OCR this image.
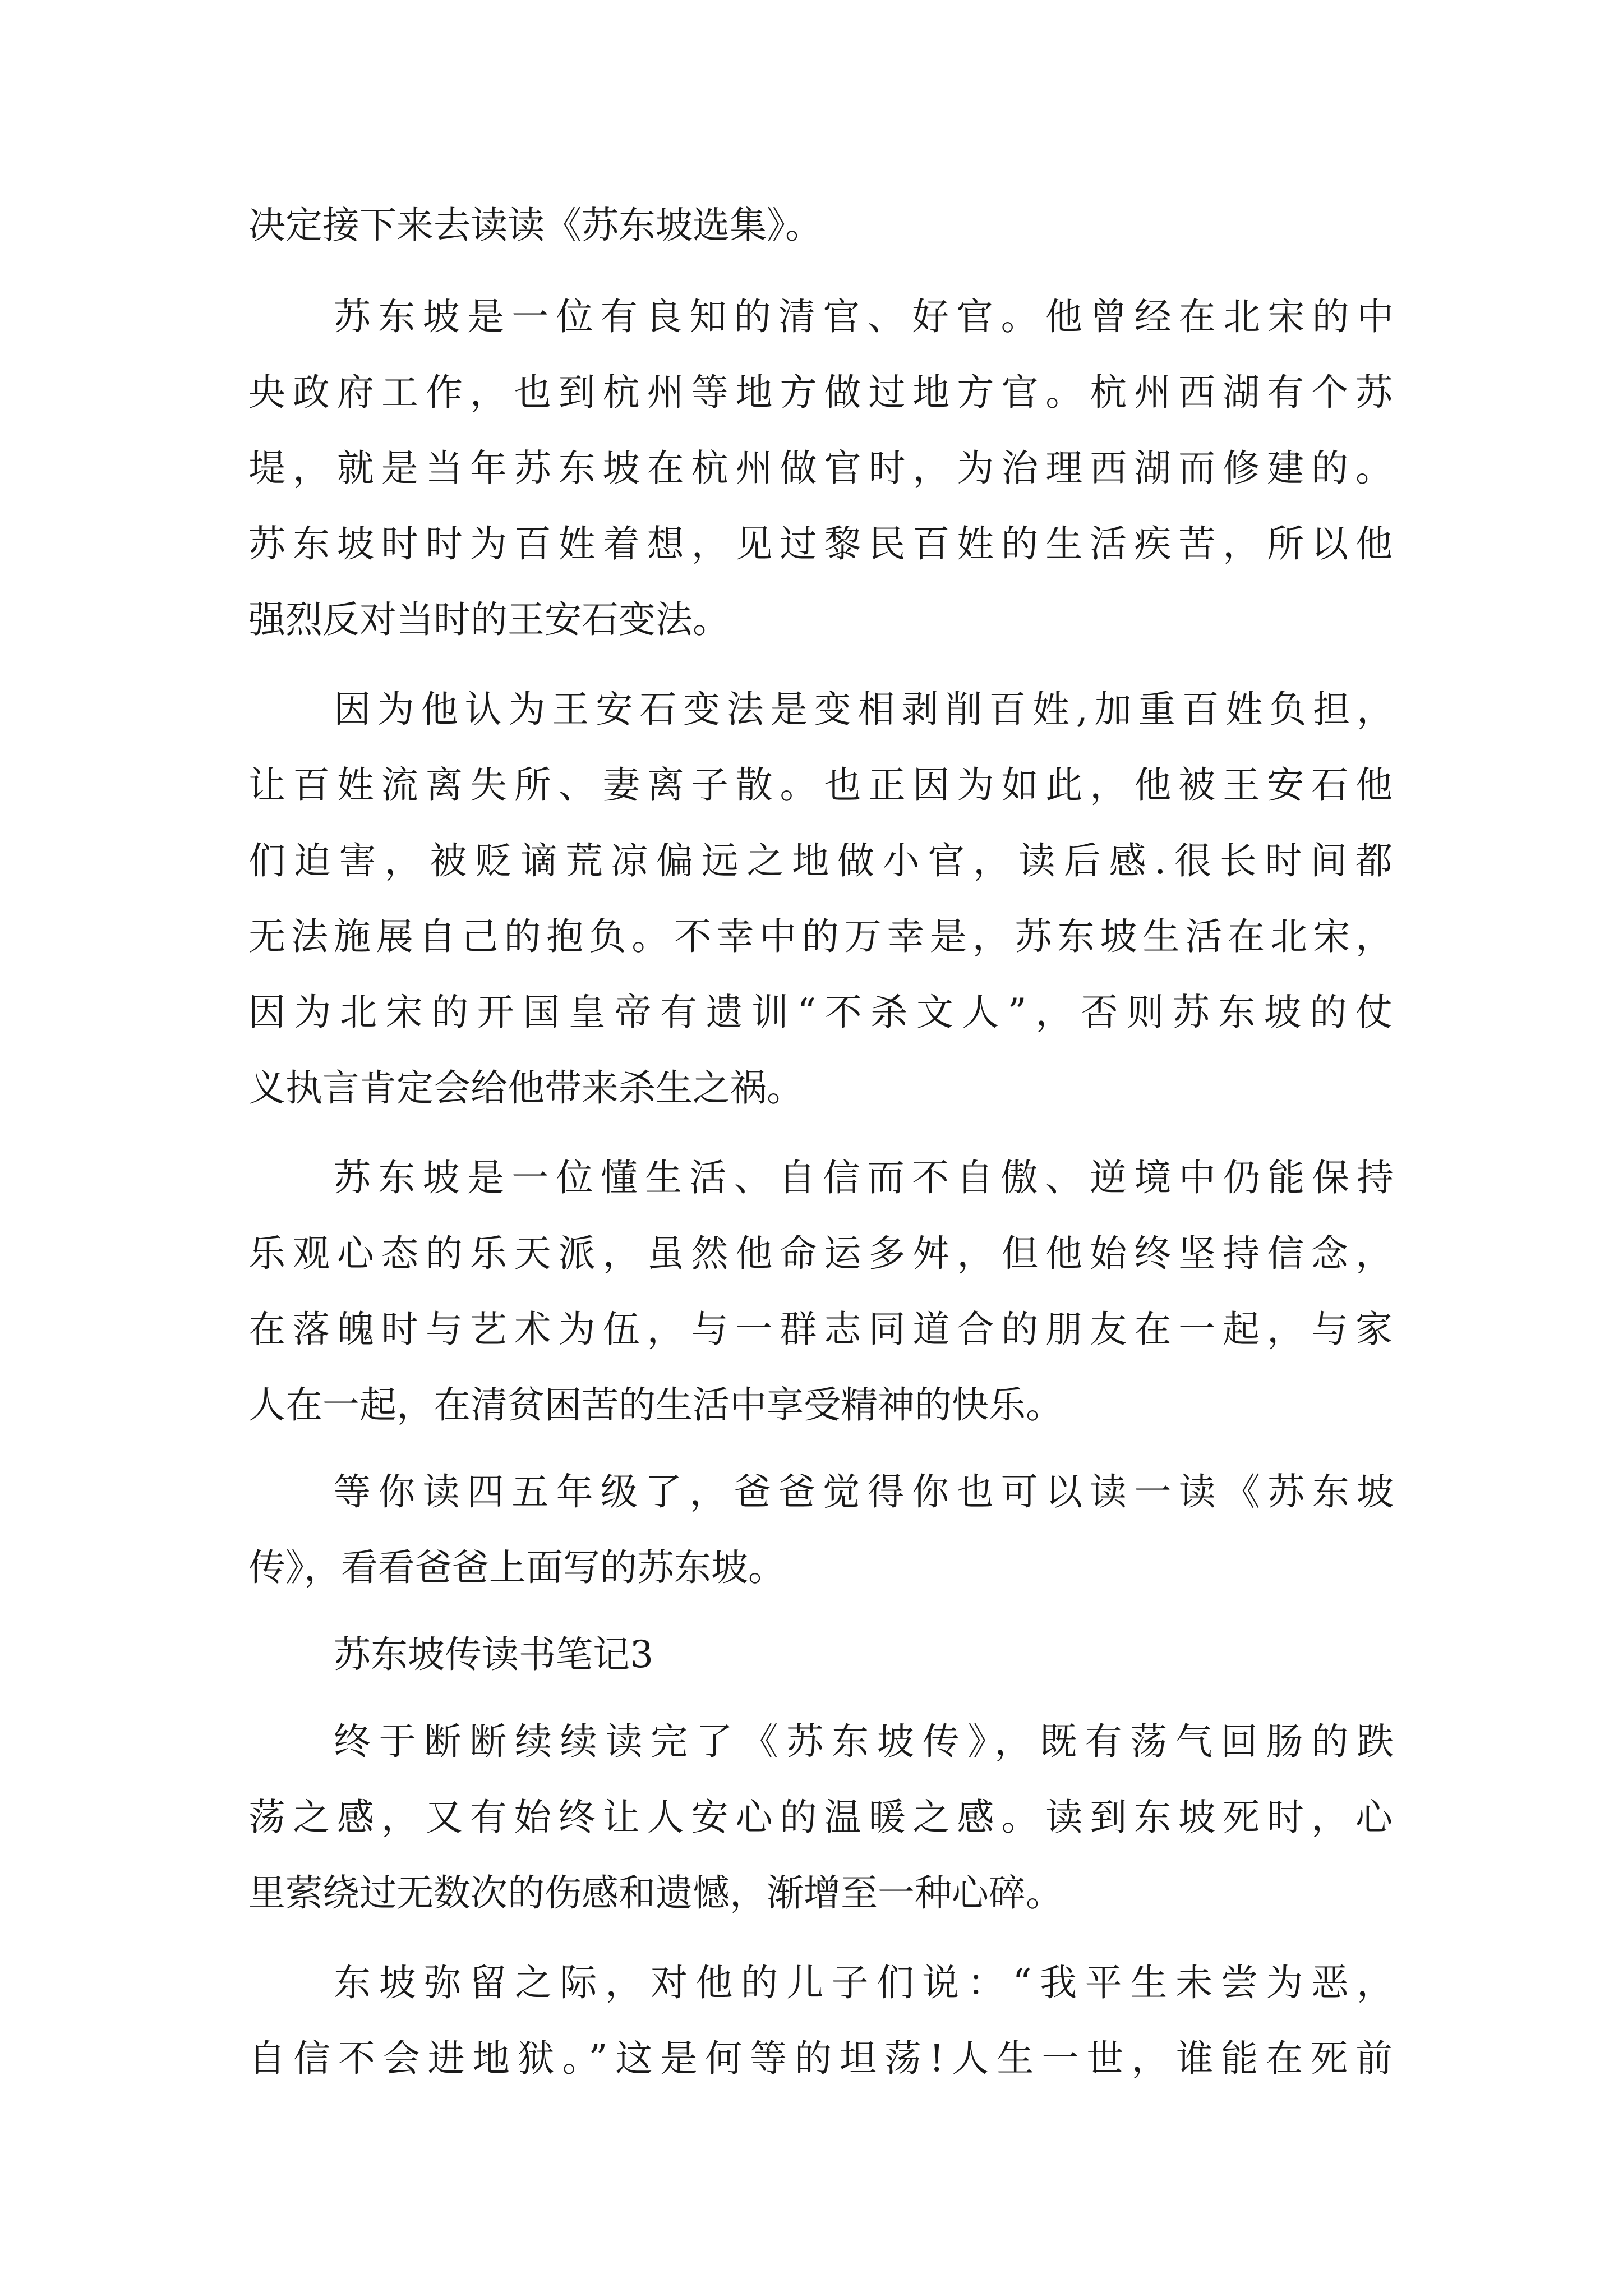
决定接下来去读读《苏东坡选集》。
苏东坡是一位有良知的清官、好官。他曾经在北宋的中
央政府工作，也到杭州等地方做过地方官。杭州西湖有个苏
堤，就是当年苏东坡在杭州做官时，为治理西湖而修建的。
苏东坡时时为百姓着想，见过黎民百姓的生活疾苦，所以他
强烈反对当时的王安石变法。
因为他认为王安石变法是变相剥削百姓,加重百姓负担，
让百姓流离失所、妻离子散。也正因为如此，他被王安石他
们迫害，被贬谪荒凉偏远之地做小官，读后感.很长时间都
无法施展自己的抱负。不幸中的万幸是，苏东坡生活在北宋，
因为北宋的开国皇帝有遗训“不杀文人”，否则苏东坡的仗
义执言肯定会给他带来杀生之祸。
苏东坡是一位懂生活、自信而不自傲、逆境中仍能保持
乐观心态的乐天派，虽然他命运多舛，但他始终坚持信念，
在落魄时与艺术为伍，与一群志同道合的朋友在一起，与家
人在一起，在清贫困苦的生活中享受精神的快乐。
等你读四五年级了，爸爸觉得你也可以读一读《苏东坡
传》，看看爸爸上面写的苏东坡。
苏东坡传读书笔记3
终于断断续续读完了《苏东坡传》，既有荡气回肠的跌
荡之感，又有始终让人安心的温暖之感。读到东坡死时，心
里萦绕过无数次的伤感和遗憾，渐增至一种心碎。
东坡弥留之际，对他的儿子们说：“我平生未尝为恶，
自信不会进地狱。”这是何等的坦荡!人生一世，谁能在死前
